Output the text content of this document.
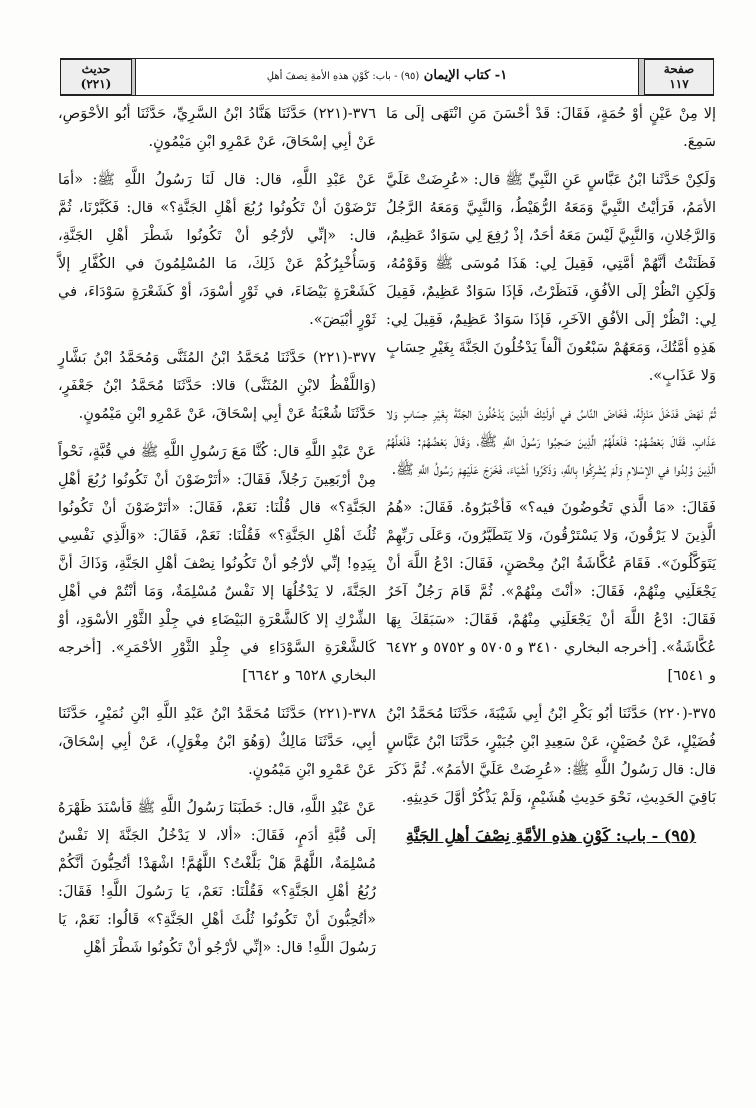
صفحة
١١٧
١- كتاب الإيمان (٩٥) - باب: كَوْنِ هذهِ الأمةِ نِصفَ أهلِ
حديث
(٢٢١)

إلا مِنْ عَيْنٍ أوْ حُمَةٍ، فَقَالَ: قَدْ أحْسَنَ مَنِ انْتَهَى إلَى مَا سَمِعَ.

وَلَكِنْ حَدَّثَنا ابْنُ عَبَّاسٍ عَنِ النَّبِيِّ ﷺ قال: «عُرِضَتْ عَلَيَّ الأمَمُ، فَرَأيْتُ النَّبِيَّ وَمَعَهُ الرُّهَيْطُ، وَالنَّبِيَّ وَمَعَهُ الرَّجُلُ وَالرَّجُلانِ، وَالنَّبِيَّ لَيْسَ مَعَهُ أحَدٌ، إذْ رُفِعَ لِي سَوَادٌ عَظِيمٌ، فَظَنَنْتُ أنَّهُمْ أمَّتِي، فَقِيلَ لِي: هَذَا مُوسَى ﷺ وَقَوْمُهُ، وَلَكِنِ انْظُرْ إلَى الأفُقِ، فَنَظَرْتُ، فَإذَا سَوَادٌ عَظِيمٌ، فَقِيلَ لِي: انْظُرْ إلَى الأفُقِ الآخَرِ، فَإذَا سَوَادٌ عَظِيمٌ، فَقِيلَ لِي: هَذِهِ أمَّتُكَ، وَمَعَهُمْ سَبْعُونَ ألْفاً يَدْخُلُونَ الجَنَّةَ بِغَيْرِ حِسَابٍ وَلا عَذَابٍ».

ثُمَّ نَهَضَ فَدَخَلَ مَنْزِلَهُ، فَخَاضَ النَّاسُ في أولَئِكَ الَّذِينَ يَدْخُلُونَ الجَنَّةَ بِغَيْرِ حِسَابٍ وَلا عَذَابٍ، فَقَالَ بَعْضُهُمْ: فَلَعَلَّهُمُ الَّذِينَ صَحِبُوا رَسُولَ اللَّهِ ﷺ، وَقَالَ بَعْضُهُمْ: فَلَعَلَّهُمُ الَّذِينَ وُلِدُوا في الإسْلامِ وَلَمْ يُشْرِكُوا بِاللَّهِ، وَذَكَرُوا أشْيَاءَ، فَخَرَجَ عَلَيْهِمْ رَسُولُ اللَّهِ ﷺ.

فَقَالَ: «مَا الَّذي تَخُوضُونَ فيه؟» فَأخْبَرُوهُ. فَقَالَ: «هُمُ الَّذِينَ لا يَرْقُونَ، وَلا يَسْتَرْقُونَ، وَلا يَتَطَيَّرُونَ، وَعَلَى رَبِّهِمْ يَتَوَكَّلُونَ». فَقَامَ عُكَّاشَةُ ابْنُ مِحْصَنٍ، فَقَالَ: ادْعُ اللَّهَ أنْ يَجْعَلَنِي مِنْهُمْ، فَقَالَ: «أنْتَ مِنْهُمْ». ثُمَّ قَامَ رَجُلٌ آخَرُ فَقَالَ: ادْعُ اللَّهَ أنْ يَجْعَلَنِي مِنْهُمْ، فَقَالَ: «سَبَقَكَ بِهَا عُكَّاشَةُ». [أخرجه البخاري ٣٤١٠ و ٥٧٠٥ و ٥٧٥٢ و ٦٤٧٢ و ٦٥٤١]

٣٧٥-(٢٢٠) حَدَّثَنَا أبُو بَكْرِ ابْنُ أبِي شَيْبَةَ، حَدَّثَنَا مُحَمَّدُ ابْنُ فُضَيْلٍ، عَنْ حُصَيْنٍ، عَنْ سَعِيدِ ابْنِ جُبَيْرٍ، حَدَّثَنَا ابْنُ عَبَّاسٍ قال: قال رَسُولُ اللَّهِ ﷺ: «عُرِضَتْ عَلَيَّ الأمَمُ». ثُمَّ ذَكَرَ بَاقِيَ الحَدِيثِ، نَحْوَ حَدِيثِ هُشَيْمٍ، وَلَمْ يَذْكُرْ أوَّلَ حَدِيثِهِ.

(٩٥) - باب: كَوْنِ هذهِ الأمَّةِ نِصْفَ أهلِ الجَنَّةِ

٣٧٦-(٢٢١) حَدَّثَنَا هَنَّادُ ابْنُ السَّرِيِّ، حَدَّثَنَا أبُو الأحْوَصِ، عَنْ أبِي إسْحَاقَ، عَنْ عَمْرِو ابْنِ مَيْمُونٍ.

عَنْ عَبْدِ اللَّهِ، قال: قال لَنَا رَسُولُ اللَّهِ ﷺ: «أمَا تَرْضَوْنَ أنْ تَكُونُوا رُبُعَ أهْلِ الجَنَّةِ؟» قال: فَكَبَّرْنَا، ثُمَّ قال: «إنِّي لأرْجُو أنْ تَكُونُوا شَطْرَ أهْلِ الجَنَّةِ، وَسَأُخْبِرُكُمْ عَنْ ذَلِكَ، مَا المُسْلِمُونَ في الكُفَّارِ إلاَّ كَشَعْرَةٍ بَيْضَاءَ، في ثَوْرٍ أسْوَدَ، أوْ كَشَعْرَةٍ سَوْدَاءَ، في ثَوْرٍ أبْيَضَ».

٣٧٧-(٢٢١) حَدَّثَنَا مُحَمَّدُ ابْنُ المُثَنَّى وَمُحَمَّدُ ابْنُ بَشَّارٍ (وَاللَّفْظُ لابْنِ المُثَنَّى) قالا: حَدَّثَنَا مُحَمَّدُ ابْنُ جَعْفَرٍ، حَدَّثَنَا شُعْبَةُ عَنْ أبِي إسْحَاقَ، عَنْ عَمْرِو ابْنِ مَيْمُونٍ.

عَنْ عَبْدِ اللَّهِ قال: كُنَّا مَعَ رَسُولِ اللَّهِ ﷺ في قُبَّةٍ، نَحْواً مِنْ أرْبَعِينَ رَجُلاً، فَقَالَ: «أتَرْضَوْنَ أنْ تَكُونُوا رُبُعَ أهْلِ الجَنَّةِ؟» قال قُلْنَا: نَعَمْ، فَقَالَ: «أتَرْضَوْنَ أنْ تَكُونُوا ثُلُثَ أهْلِ الجَنَّةِ؟» فَقُلْنَا: نَعَمْ، فَقَالَ: «وَالَّذِي نَفْسِي بِيَدِهِ! إنِّي لأرْجُو أنْ تَكُونُوا نِصْفَ أهْلِ الجَنَّةِ، وَذَاكَ أنَّ الجَنَّةَ، لا يَدْخُلُهَا إلا نَفْسٌ مُسْلِمَةٌ، وَمَا أنْتُمْ في أهْلِ الشِّرْكِ إلا كَالشَّعْرَةِ البَيْضَاءِ في جِلْدِ الثَّوْرِ الأسْوَدِ، أوْ كَالشَّعْرَةِ السَّوْدَاءِ في جِلْدِ الثَّوْرِ الأحْمَرِ». [أخرجه البخاري ٦٥٢٨ و ٦٦٤٢]

٣٧٨-(٢٢١) حَدَّثَنَا مُحَمَّدُ ابْنُ عَبْدِ اللَّهِ ابْنِ نُمَيْرٍ، حَدَّثَنَا أبِي، حَدَّثَنَا مَالِكٌ (وَهُوَ ابْنُ مِغْوَلٍ)، عَنْ أبِي إسْحَاقَ، عَنْ عَمْرِو ابْنِ مَيْمُونٍ.

عَنْ عَبْدِ اللَّهِ، قال: خَطَبَنَا رَسُولُ اللَّهِ ﷺ فَأسْنَدَ ظَهْرَهُ إلَى قُبَّةِ أدَمٍ، فَقَالَ: «ألا، لا يَدْخُلُ الجَنَّةَ إلا نَفْسٌ مُسْلِمَةٌ، اللَّهُمَّ هَلْ بَلَّغْتُ؟ اللَّهُمَّ! اشْهَدْ! أتُحِبُّونَ أنَّكُمْ رُبُعُ أهْلِ الجَنَّةِ؟» فَقُلْنَا: نَعَمْ، يَا رَسُولَ اللَّهِ! فَقَالَ: «أتُحِبُّونَ أنْ تَكُونُوا ثُلُثَ أهْلِ الجَنَّةِ؟» قَالُوا: نَعَمْ، يَا رَسُولَ اللَّهِ! قال: «إنِّي لأرْجُو أنْ تَكُونُوا شَطْرَ أهْلِ
